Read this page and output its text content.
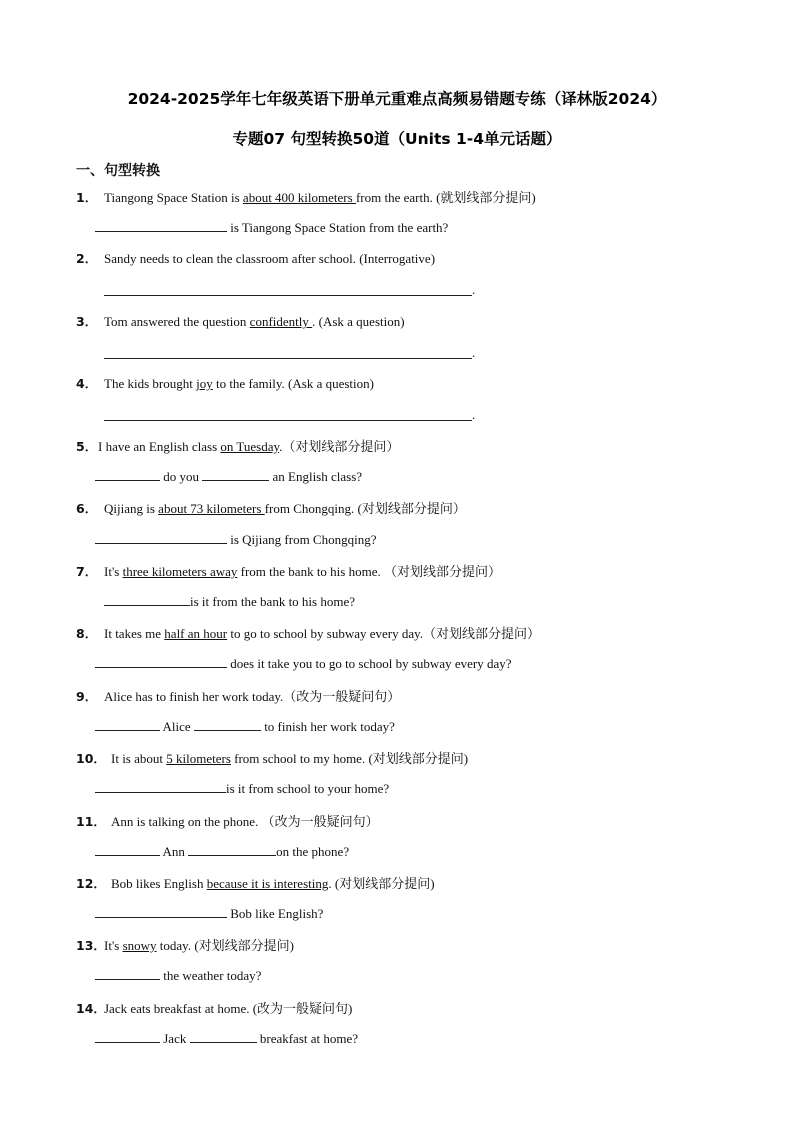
2024-2025学年七年级英语下册单元重难点高频易错题专练（译林版2024）
专题07 句型转换50道（Units 1-4单元话题）
一、句型转换
1． Tiangong Space Station is about 400 kilometers from the earth. (就划线部分提问)
is Tiangong Space Station from the earth?
2． Sandy needs to clean the classroom after school. (Interrogative)
.
3． Tom answered the question confidently . (Ask a question)
.
4． The kids brought joy to the family. (Ask a question)
.
5．I have an English class on Tuesday.（对划线部分提问）
do you	an English class?
6． Qijiang is about 73 kilometers from Chongqing. (对划线部分提问）
is Qijiang from Chongqing?
7． It's three kilometers away from the bank to his home. （对划线部分提问）
is it from the bank to his home?
8． It takes me half an hour to go to school by subway every day.（对划线部分提问）
does it take you to go to school by subway every day?
9． Alice has to finish her work today.（改为一般疑问句）
Alice	to finish her work today?
10． It is about 5 kilometers from school to my home. (对划线部分提问)
is it from school to your home?
11． Ann is talking on the phone. （改为一般疑问句）
Ann	on the phone?
12． Bob likes English because it is interesting. (对划线部分提问)
Bob like English?
13．It's snowy today. (对划线部分提问)
the weather today?
14．Jack eats breakfast at home. (改为一般疑问句)
Jack	breakfast at home?
